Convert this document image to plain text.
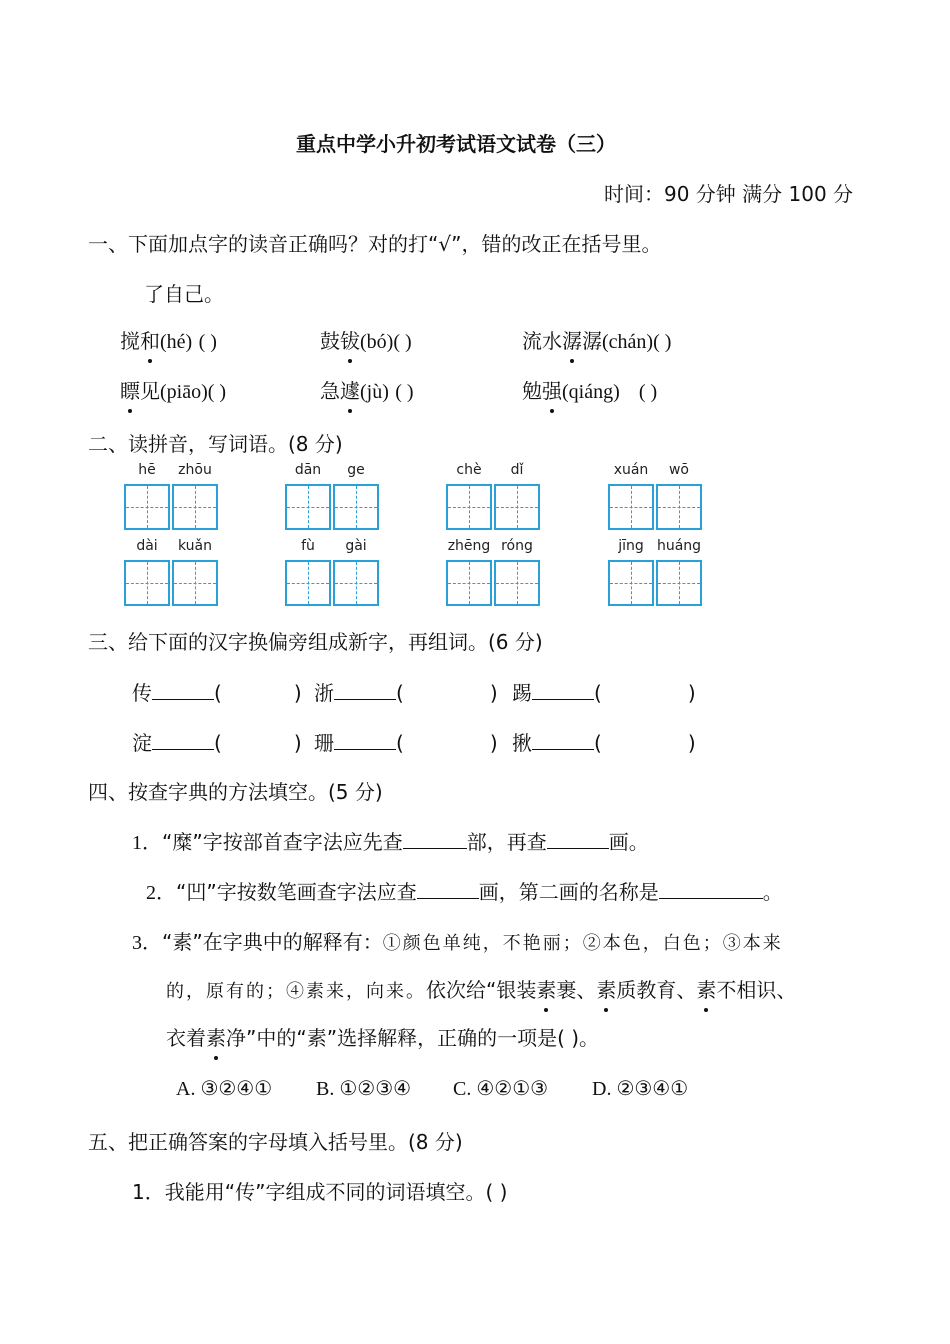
重点中学小升初考试语文试卷（三）
时间：90 分钟 满分 100 分
一、下面加点字的读音正确吗？对的打“√”，错的改正在括号里。
了自己。
搅和(hé) ( )	鼓钹(bó)( )	流水潺潺(chán)( )
瞟见(piāo)( )	急遽(jù) ( )	勉强(qiáng) ( )
二、读拼音，写词语。(8 分)
hē	zhōu	dān	ge	chè	dǐ	xuán	wō
dài	kuǎn	fù	gài	zhēng róng	jīng huáng
三、给下面的汉字换偏旁组成新字，再组词。(6 分)
传	(	) 浙	(	) 踢	(	)
淀	(	) 珊	(	) 揪	(	)
四、按查字典的方法填空。(5 分)
1．“糜”字按部首查字法应先查	部，再查	画。
2．“凹”字按数笔画查字法应查	画，第二画的名称是	。
3．“素”在字典中的解释有：①颜色单纯，不艳丽；②本色，白色；③本来
的，原有的；④素来，向来。依次给“银装素裹、素质教育、素不相识、
衣着素净”中的“素”选择解释，正确的一项是( )。
A. ③②④① B. ①②③④ C. ④②①③ D. ②③④①
五、把正确答案的字母填入括号里。(8 分)
1．我能用“传”字组成不同的词语填空。( )
